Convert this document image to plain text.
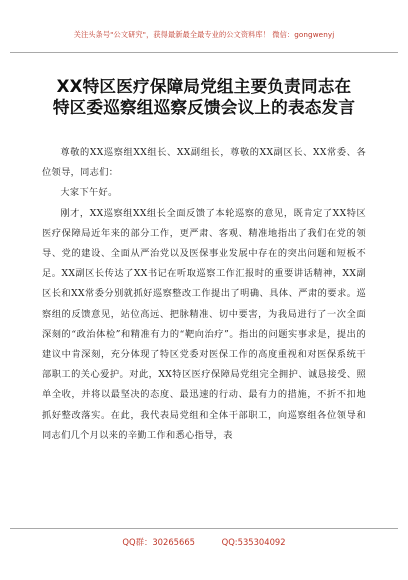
关注头条号"公文研究"，获得最新最全最专业的公文资料库！ 微信：gongwenyj
XX特区医疗保障局党组主要负责同志在
特区委巡察组巡察反馈会议上的表态发言

尊敬的XX巡察组XX组长、XX副组长，尊敬的XX副区长、XX常委、各位领导，同志们：

大家下午好。

刚才，XX巡察组XX组长全面反馈了本轮巡察的意见，既肯定了XX特区医疗保障局近年来的部分工作，更严肃、客观、精准地指出了我们在党的领导、党的建设、全面从严治党以及医保事业发展中存在的突出问题和短板不足。XX副区长传达了XX书记在听取巡察工作汇报时的重要讲话精神，XX副区长和XX常委分别就抓好巡察整改工作提出了明确、具体、严肃的要求。巡察组的反馈意见，站位高远、把脉精准、切中要害，为我局进行了一次全面深刻的“政治体检”和精准有力的“靶向治疗”。指出的问题实事求是，提出的建议中肯深刻，充分体现了特区党委对医保工作的高度重视和对医保系统干部职工的关心爱护。对此，XX特区医疗保障局党组完全拥护、诚恳接受、照单全收，并将以最坚决的态度、最迅速的行动、最有力的措施，不折不扣地抓好整改落实。在此，我代表局党组和全体干部职工，向巡察组各位领导和同志们几个月以来的辛勤工作和悉心指导，表

QQ群：30265665          QQ:535304092
